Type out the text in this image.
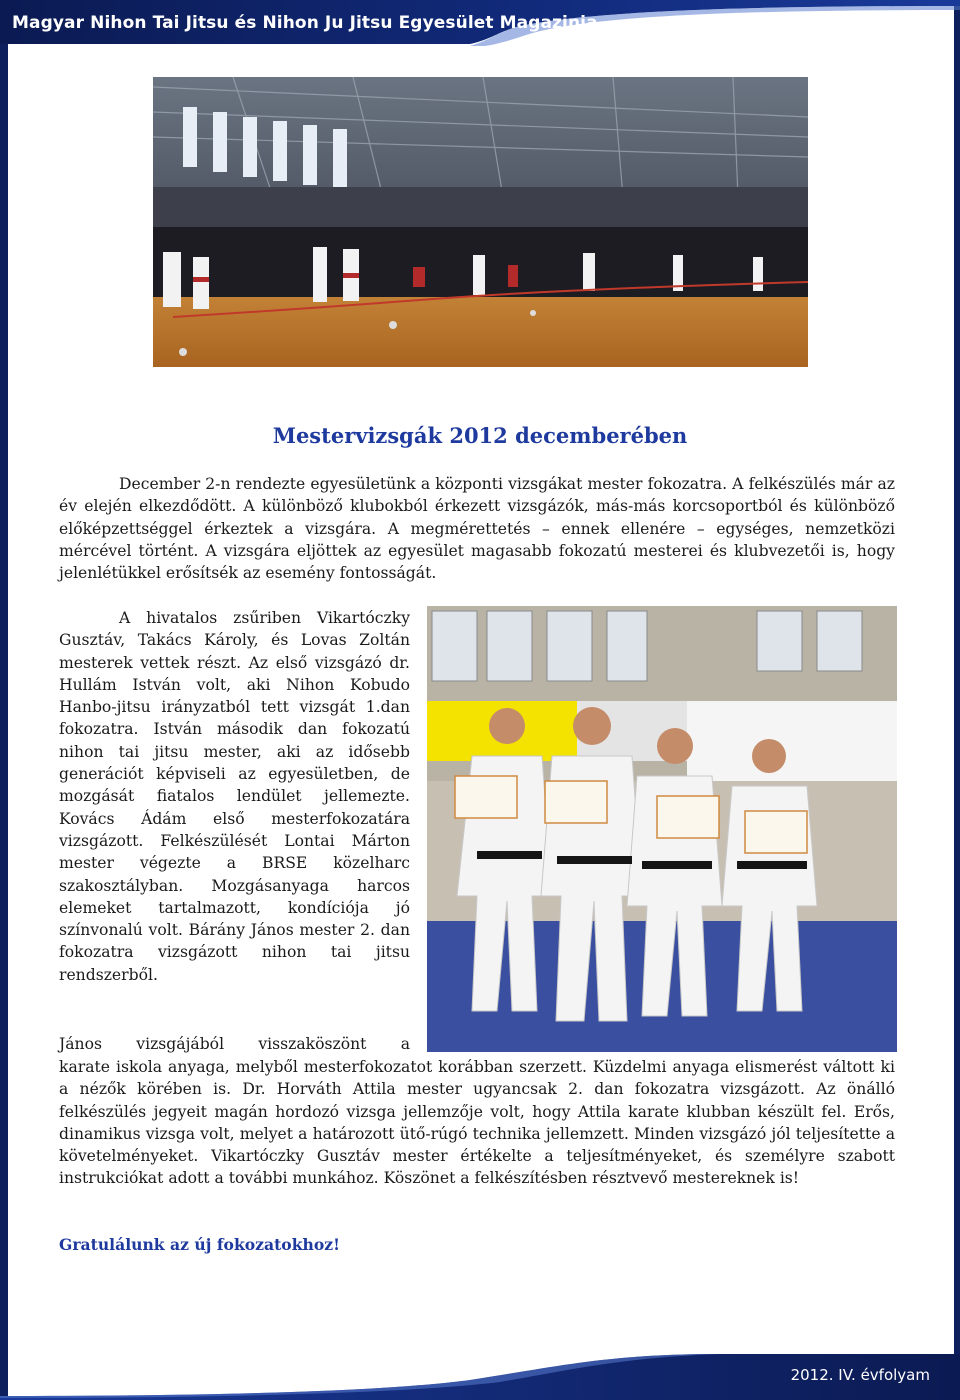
Magyar Nihon Tai Jitsu és Nihon Ju Jitsu Egyesület Magazinja
Mestervizsgák 2012 decemberében

December 2-n rendezte egyesületünk a központi vizsgákat mester fokozatra. A felkészülés már az év elején elkezdődött. A különböző klubokból érkezett vizsgázók, más-más korcsoportból és különböző előképzettséggel érkeztek a vizsgára. A megmérettetés – ennek ellenére – egységes, nemzetközi mércével történt. A vizsgára eljöttek az egyesület magasabb fokozatú mesterei és klubvezetői is, hogy jelenlétükkel erősítsék az esemény fontosságát.

A hivatalos zsűriben Vikartóczky Gusztáv, Takács Károly, és Lovas Zoltán mesterek vettek részt. Az első vizsgázó dr. Hullám István volt, aki Nihon Kobudo Hanbo-jitsu irányzatból tett vizsgát 1.dan fokozatra. István második dan fokozatú nihon tai jitsu mester, aki az idősebb generációt képviseli az egyesületben, de mozgását fiatalos lendület jellemezte. Kovács Ádám első mesterfokozatára vizsgázott. Felkészülését Lontai Márton mester végezte a BRSE közelharc szakosztályban. Mozgásanyaga harcos elemeket tartalmazott, kondíciója jó színvonalú volt. Bárány János mester 2. dan fokozatra vizsgázott nihon tai jitsu rendszerből.

János vizsgájából visszaköszönt a

karate iskola anyaga, melyből mesterfokozatot korábban szerzett. Küzdelmi anyaga elismerést váltott ki a nézők körében is. Dr. Horváth Attila mester ugyancsak 2. dan fokozatra vizsgázott. Az önálló felkészülés jegyeit magán hordozó vizsga jellemzője volt, hogy Attila karate klubban készült fel. Erős, dinamikus vizsga volt, melyet a határozott ütő-rúgó technika jellemzett. Minden vizsgázó jól teljesítette a követelményeket. Vikartóczky Gusztáv mester értékelte a teljesítményeket, és személyre szabott instrukciókat adott a további munkához. Köszönet a felkészítésben résztvevő mestereknek is!

Gratulálunk az új fokozatokhoz!

2012. IV. évfolyam
